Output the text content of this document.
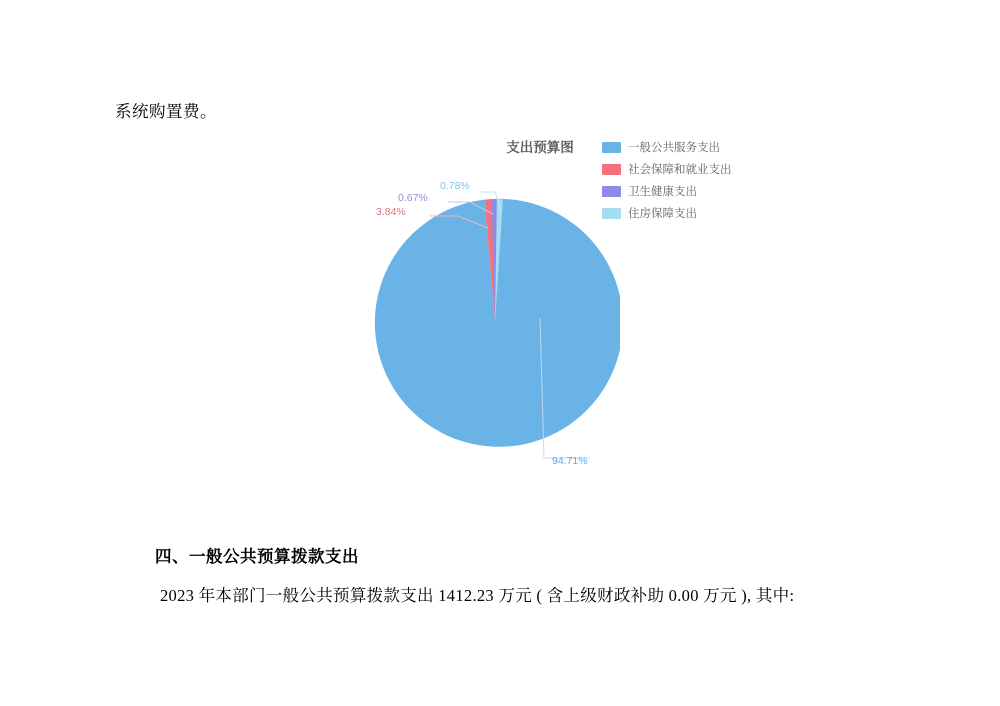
系统购置费。
支出预算图	一般公共服务支出
社会保障和就业支出
卫生健康支出
住房保障支出
94.71%
3.84%
0.67%
0.78%
四、一般公共预算拨款支出
2023 年本部门一般公共预算拨款支出 1412.23 万元 ( 含上级财政补助 0.00 万元 ), 其中:
